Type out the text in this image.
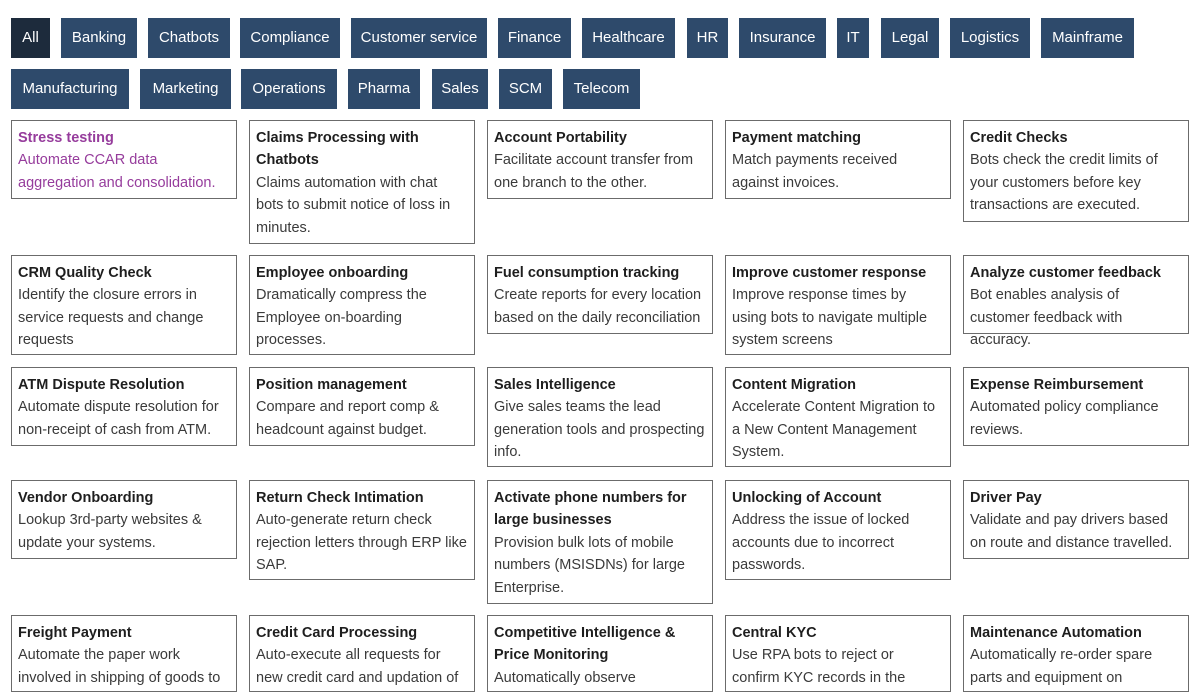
All	Banking	Chatbots	Compliance	Customer service	Finance	Healthcare	HR	Insurance	IT	Legal	Logistics	Mainframe
Manufacturing	Marketing	Operations	Pharma	Sales	SCM	Telecom
Stress testing
Automate CCAR data aggregation and consolidation.
Claims Processing with Chatbots
Claims automation with chat bots to submit notice of loss in minutes.
Account Portability
Facilitate account transfer from one branch to the other.
Payment matching
Match payments received against invoices.
Credit Checks
Bots check the credit limits of your customers before key transactions are executed.
CRM Quality Check
Identify the closure errors in service requests and change requests
Employee onboarding
Dramatically compress the Employee on-boarding processes.
Fuel consumption tracking
Create reports for every location based on the daily reconciliation
Improve customer response
Improve response times by using bots to navigate multiple system screens
Analyze customer feedback
Bot enables analysis of customer feedback with accuracy.
ATM Dispute Resolution
Automate dispute resolution for non-receipt of cash from ATM.
Position management
Compare and report comp & headcount against budget.
Sales Intelligence
Give sales teams the lead generation tools and prospecting info.
Content Migration
Accelerate Content Migration to a New Content Management System.
Expense Reimbursement
Automated policy compliance reviews.
Vendor Onboarding
Lookup 3rd-party websites & update your systems.
Return Check Intimation
Auto-generate return check rejection letters through ERP like SAP.
Activate phone numbers for large businesses
Provision bulk lots of mobile numbers (MSISDNs) for large Enterprise.
Unlocking of Account
Address the issue of locked accounts due to incorrect passwords.
Driver Pay
Validate and pay drivers based on route and distance travelled.
Freight Payment
Automate the paper work involved in shipping of goods to
Credit Card Processing
Auto-execute all requests for new credit card and updation of
Competitive Intelligence & Price Monitoring
Automatically observe
Central KYC
Use RPA bots to reject or confirm KYC records in the
Maintenance Automation
Automatically re-order spare parts and equipment on
